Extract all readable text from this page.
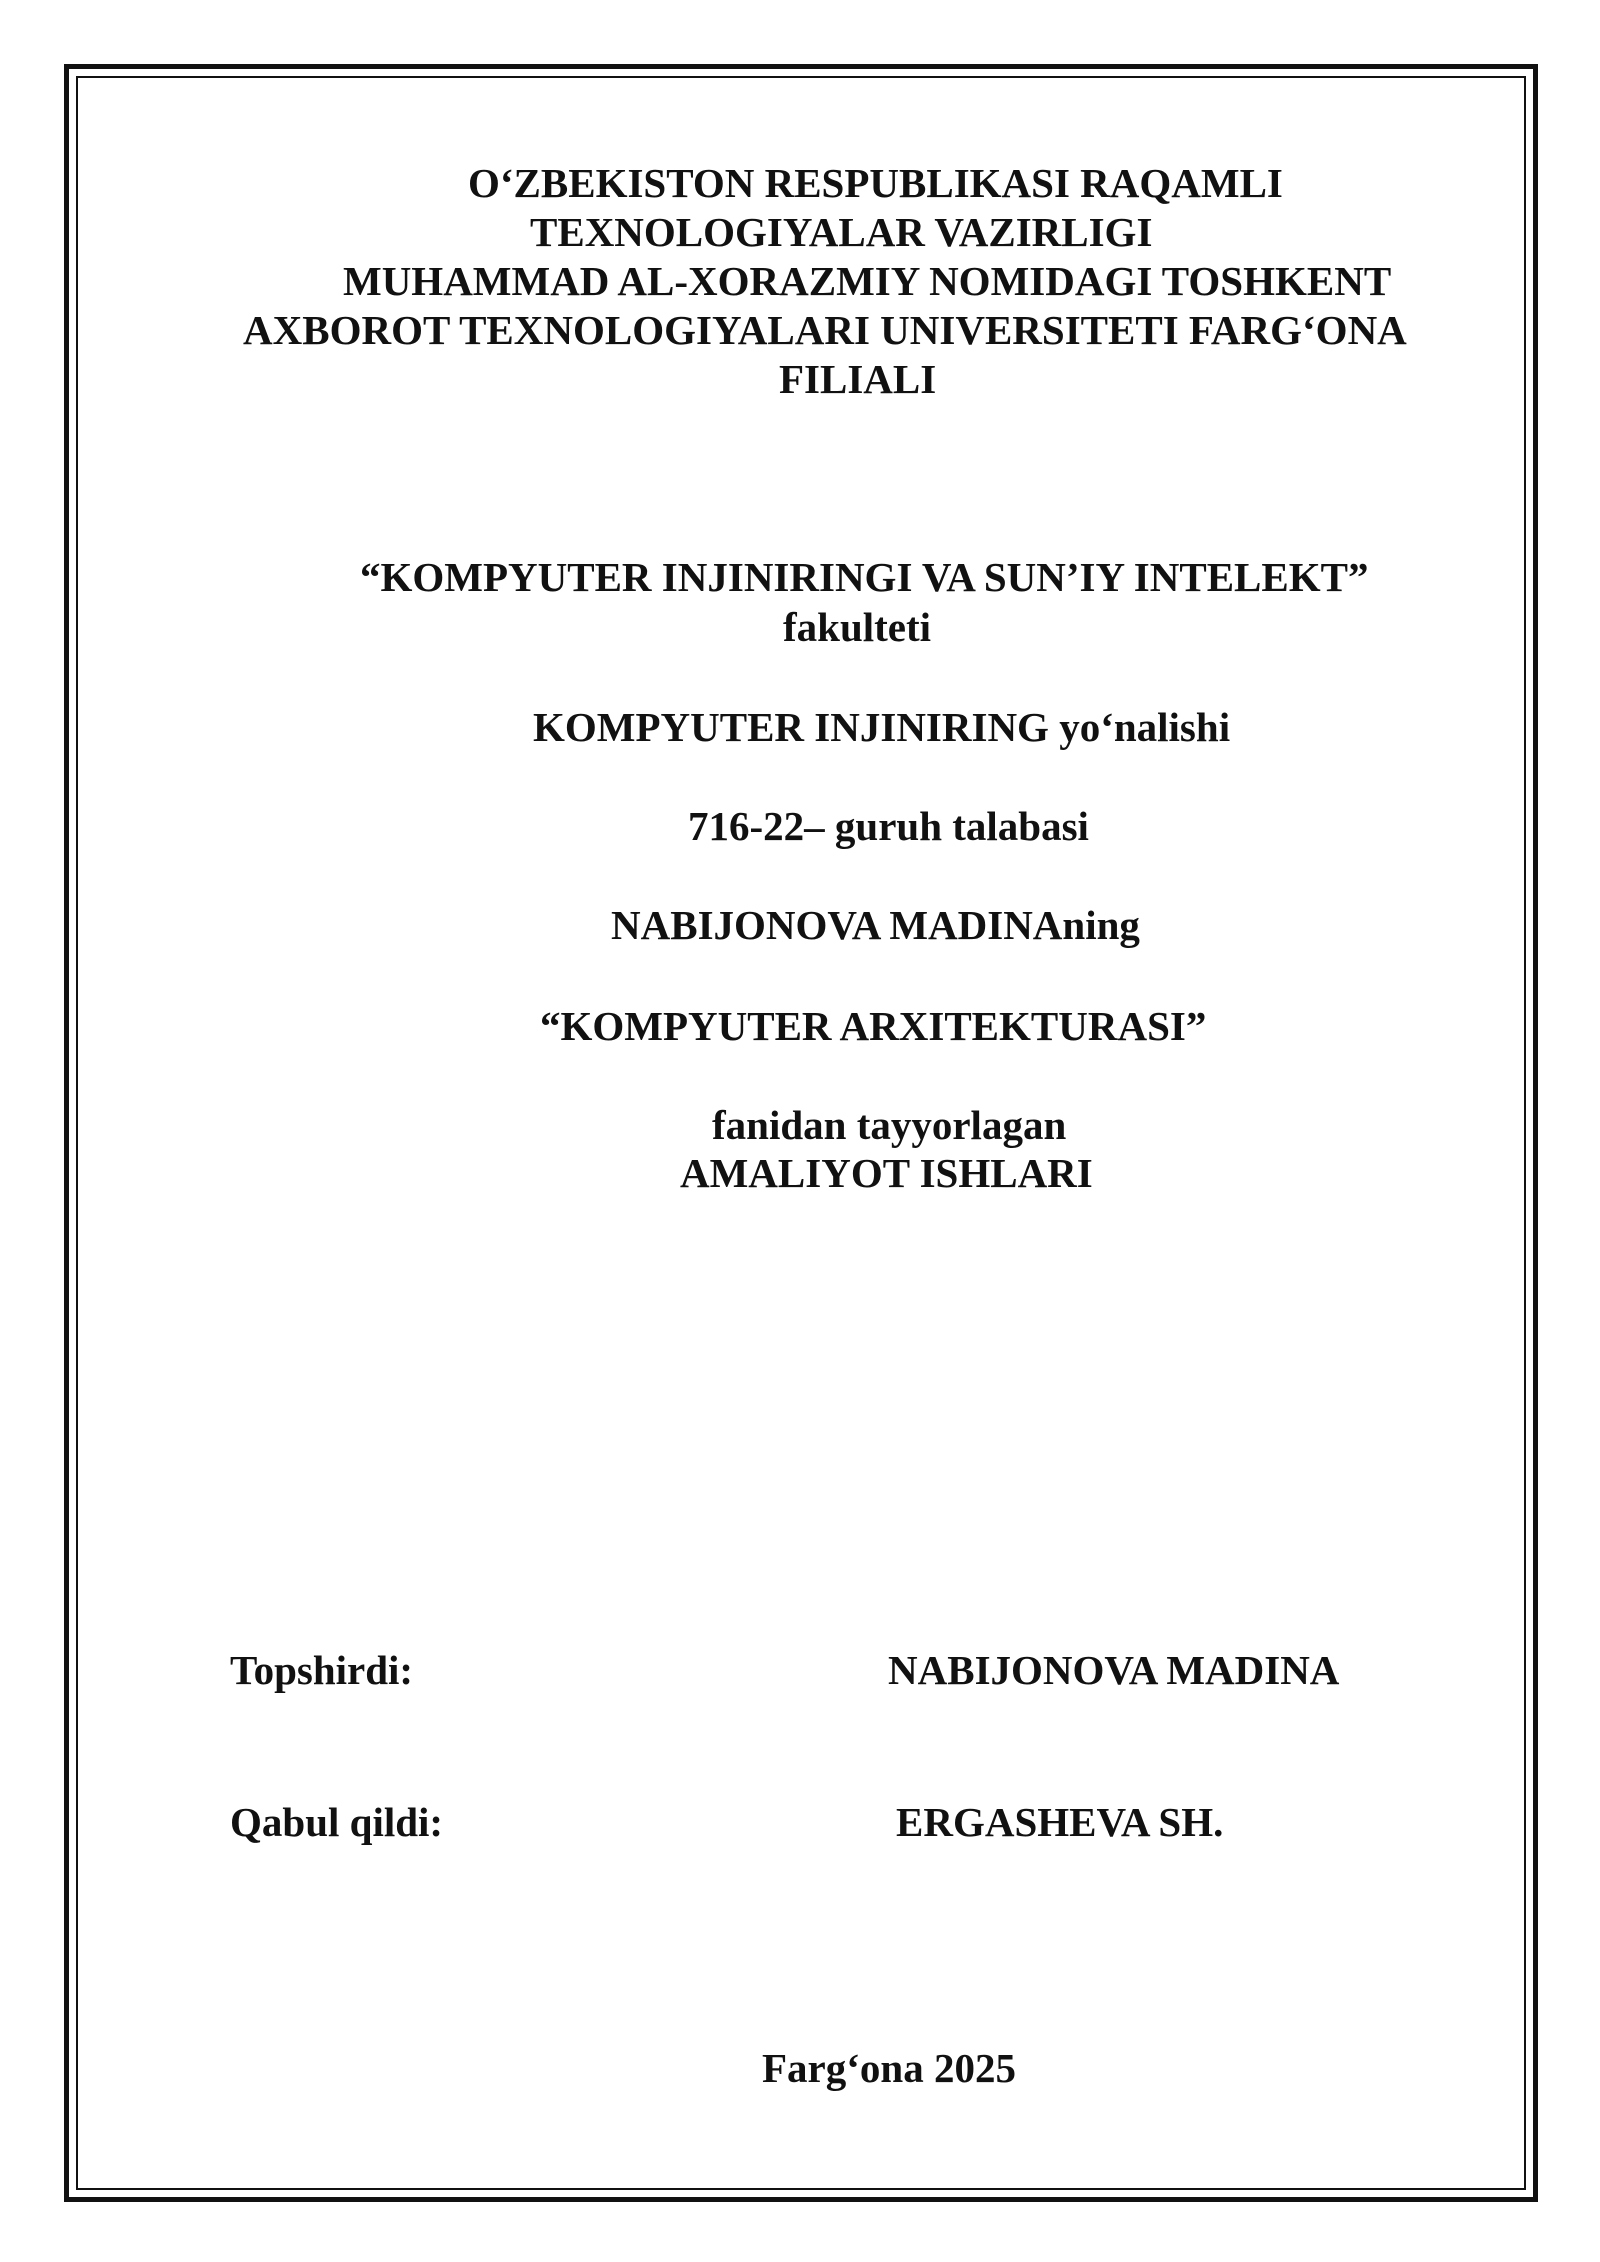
O‘ZBEKISTON RESPUBLIKASI RAQAMLI

TEXNOLOGIYALAR VAZIRLIGI

MUHAMMAD AL-XORAZMIY NOMIDAGI TOSHKENT

AXBOROT TEXNOLOGIYALARI UNIVERSITETI FARG‘ONA

FILIALI

“KOMPYUTER INJINIRINGI VA SUN’IY INTELEKT”

fakulteti

KOMPYUTER INJINIRING yo‘nalishi

716-22– guruh talabasi

NABIJONOVA MADINAning

“KOMPYUTER ARXITEKTURASI”

fanidan tayyorlagan

AMALIYOT ISHLARI

Topshirdi:	NABIJONOVA MADINA
Qabul qildi:	ERGASHEVA SH.

Farg‘ona 2025
